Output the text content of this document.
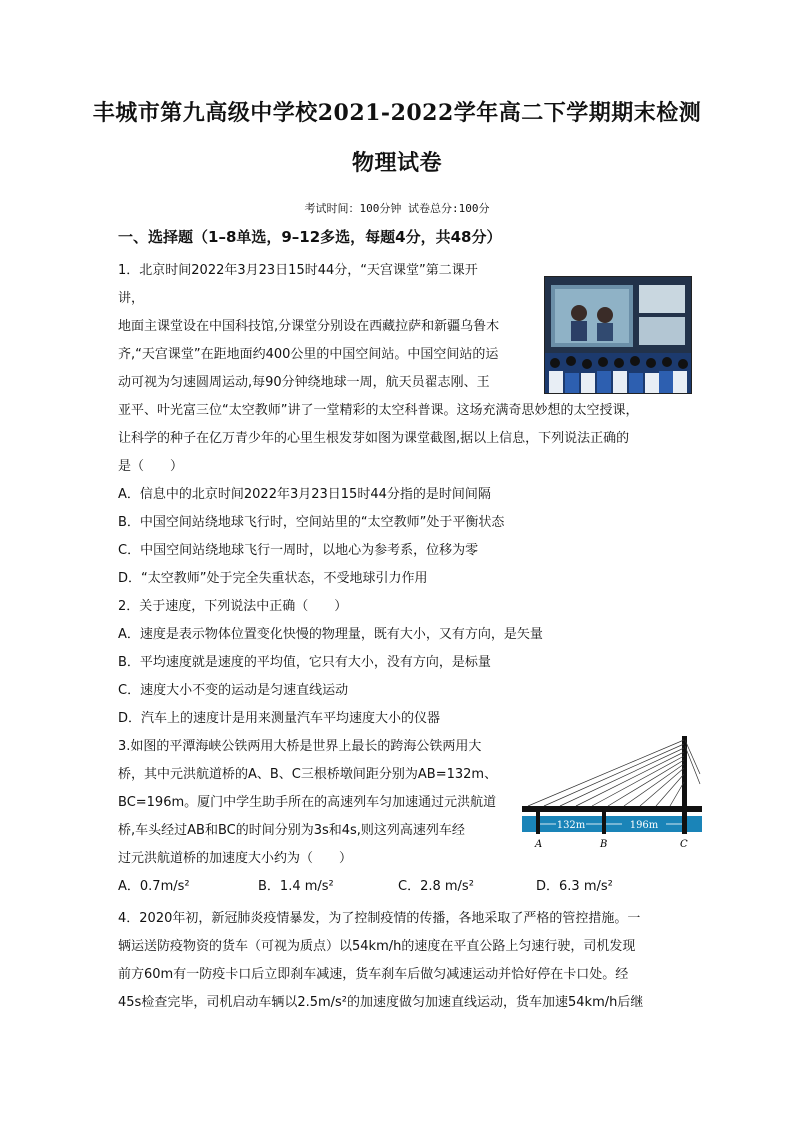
丰城市第九高级中学校2021-2022学年高二下学期期末检测
物理试卷
考试时间：100分钟 试卷总分:100分
一、选择题（1–8单选，9–12多选，每题4分，共48分）
1．北京时间2022年3月23日15时44分，“天宫课堂”第二课开
讲，
地面主课堂设在中国科技馆,分课堂分别设在西藏拉萨和新疆乌鲁木
齐,“天宫课堂”在距地面约400公里的中国空间站。中国空间站的运
动可视为匀速圆周运动,每90分钟绕地球一周，航天员翟志刚、王
亚平、叶光富三位“太空教师”讲了一堂精彩的太空科普课。这场充满奇思妙想的太空授课，
让科学的种子在亿万青少年的心里生根发芽如图为课堂截图,据以上信息，下列说法正确的
是（　　）
A．信息中的北京时间2022年3月23日15时44分指的是时间间隔
B．中国空间站绕地球飞行时，空间站里的“太空教师”处于平衡状态
C．中国空间站绕地球飞行一周时，以地心为参考系，位移为零
D．“太空教师”处于完全失重状态，不受地球引力作用
2．关于速度，下列说法中正确（　　）
A．速度是表示物体位置变化快慢的物理量，既有大小，又有方向，是矢量
B．平均速度就是速度的平均值，它只有大小，没有方向，是标量
C．速度大小不变的运动是匀速直线运动
D．汽车上的速度计是用来测量汽车平均速度大小的仪器
3.如图的平潭海峡公铁两用大桥是世界上最长的跨海公铁两用大
桥，其中元洪航道桥的A、B、C三根桥墩间距分别为AB=132m、
BC=196m。厦门中学生助手所在的高速列车匀加速通过元洪航道
桥,车头经过AB和BC的时间分别为3s和4s,则这列高速列车经
过元洪航道桥的加速度大小约为（　　）
A．0.7m/s²	B．1.4 m/s²	C．2.8 m/s²	D．6.3 m/s²
4．2020年初，新冠肺炎疫情暴发，为了控制疫情的传播，各地采取了严格的管控措施。一
辆运送防疫物资的货车（可视为质点）以54km/h的速度在平直公路上匀速行驶，司机发现
前方60m有一防疫卡口后立即刹车减速，货车刹车后做匀减速运动并恰好停在卡口处。经
45s检查完毕，司机启动车辆以2.5m/s²的加速度做匀加速直线运动，货车加速54km/h后继
132m	196m
A	B	C
